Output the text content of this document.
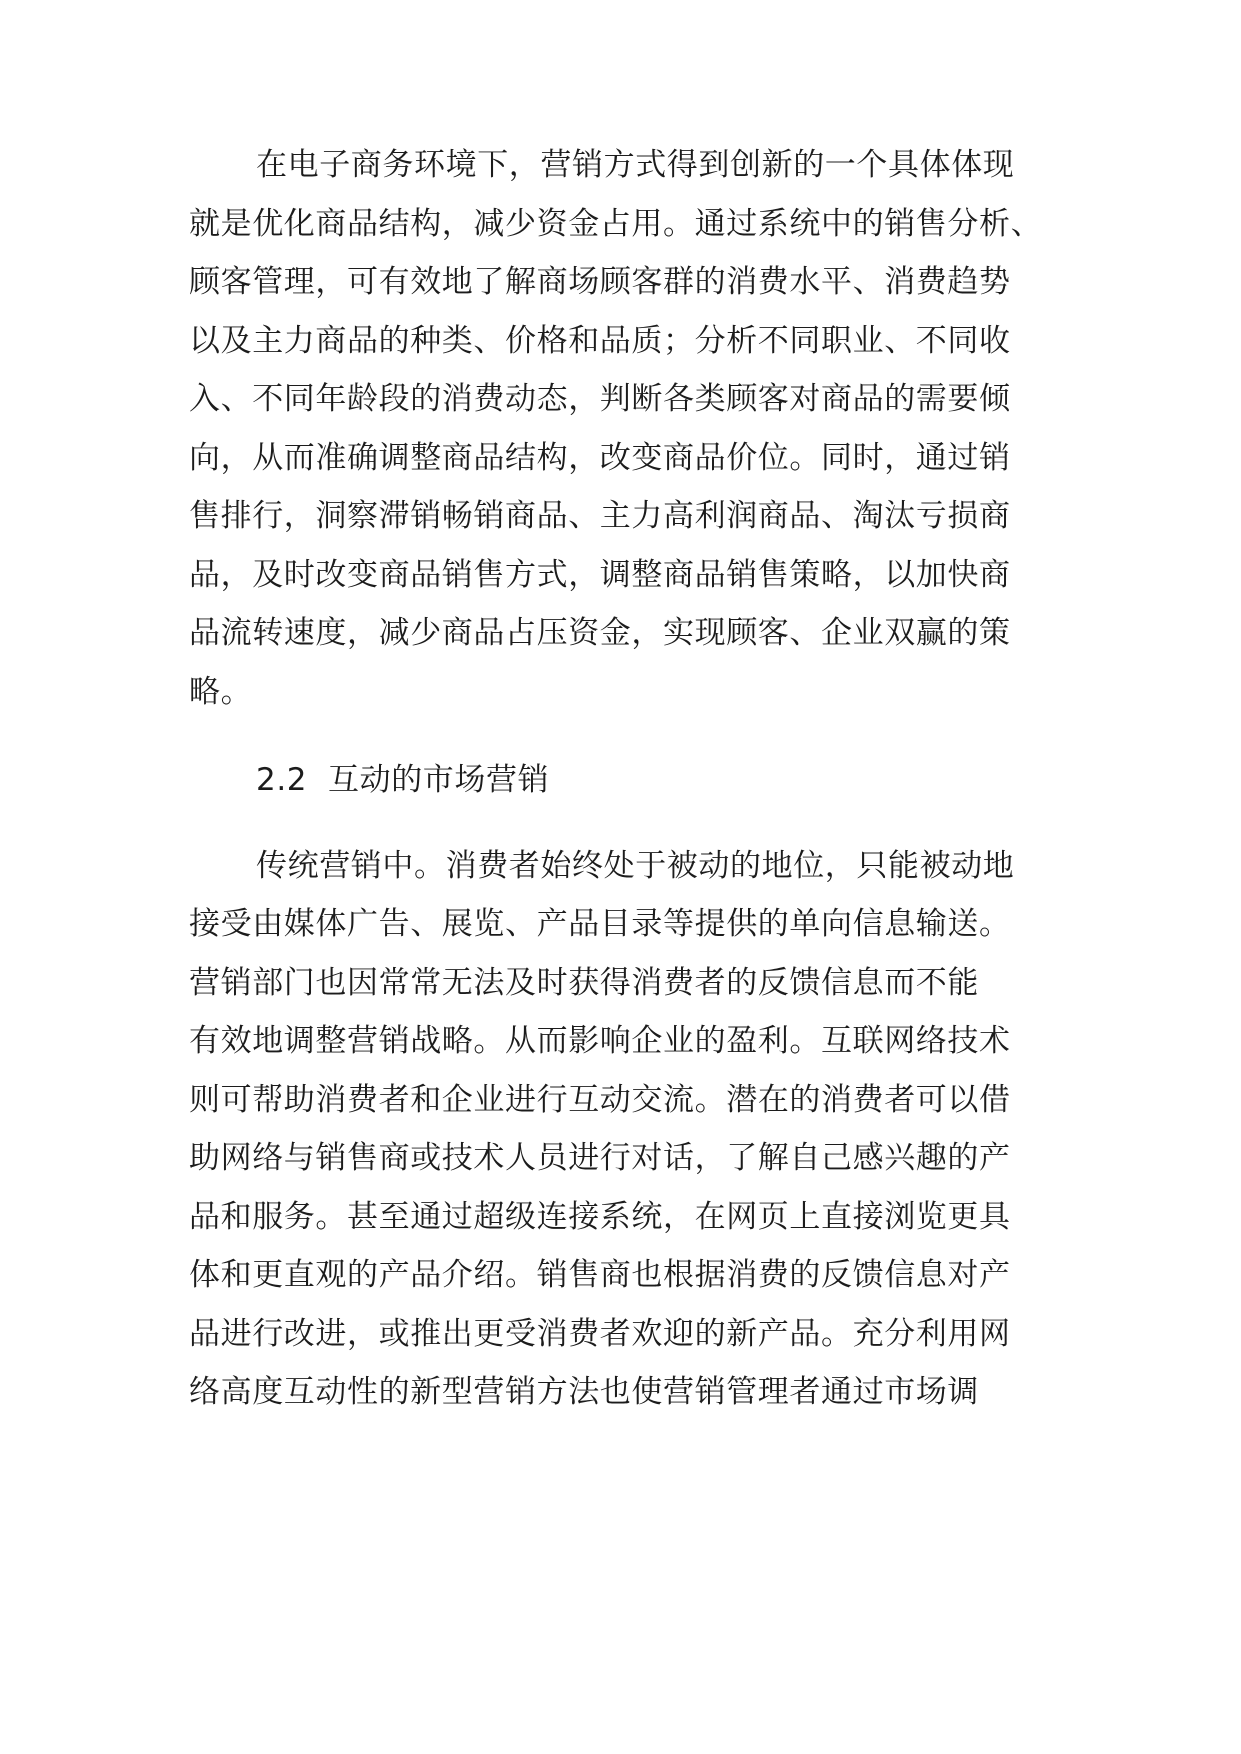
在电子商务环境下，营销方式得到创新的一个具体体现
就是优化商品结构，减少资金占用。通过系统中的销售分析、
顾客管理，可有效地了解商场顾客群的消费水平、消费趋势
以及主力商品的种类、价格和品质；分析不同职业、不同收
入、不同年龄段的消费动态，判断各类顾客对商品的需要倾
向，从而准确调整商品结构，改变商品价位。同时，通过销
售排行，洞察滞销畅销商品、主力高利润商品、淘汰亏损商
品，及时改变商品销售方式，调整商品销售策略，以加快商
品流转速度，减少商品占压资金，实现顾客、企业双赢的策
略。
2.2  互动的市场营销
传统营销中。消费者始终处于被动的地位，只能被动地
接受由媒体广告、展览、产品目录等提供的单向信息输送。
营销部门也因常常无法及时获得消费者的反馈信息而不能
有效地调整营销战略。从而影响企业的盈利。互联网络技术
则可帮助消费者和企业进行互动交流。潜在的消费者可以借
助网络与销售商或技术人员进行对话，了解自己感兴趣的产
品和服务。甚至通过超级连接系统，在网页上直接浏览更具
体和更直观的产品介绍。销售商也根据消费的反馈信息对产
品进行改进，或推出更受消费者欢迎的新产品。充分利用网
络高度互动性的新型营销方法也使营销管理者通过市场调
